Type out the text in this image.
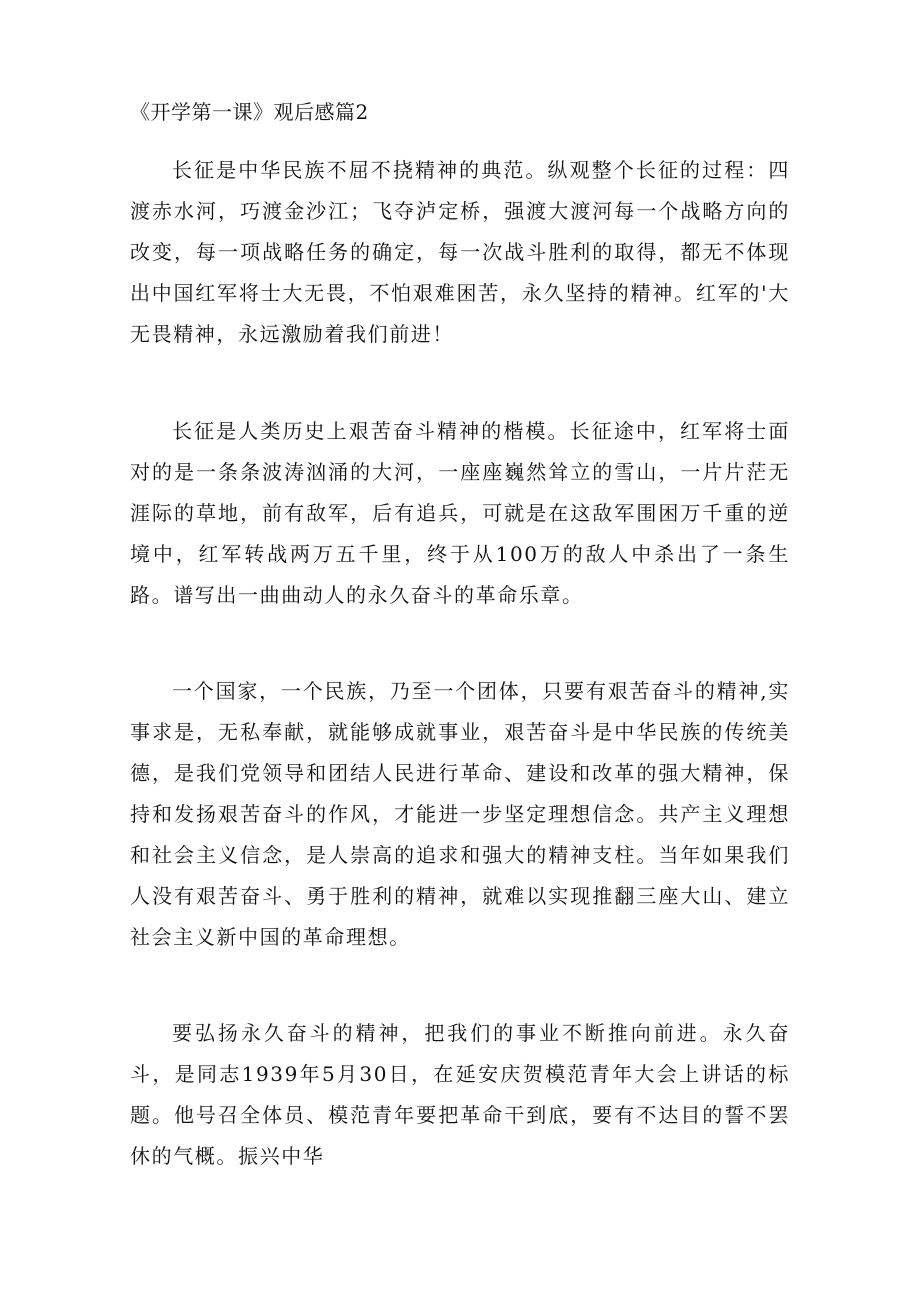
《开学第一课》观后感篇2

长征是中华民族不屈不挠精神的典范。纵观整个长征的过程：四渡赤水河，巧渡金沙江；飞夺泸定桥，强渡大渡河每一个战略方向的改变，每一项战略任务的确定，每一次战斗胜利的取得，都无不体现出中国红军将士大无畏，不怕艰难困苦，永久坚持的精神。红军的'大无畏精神，永远激励着我们前进！

长征是人类历史上艰苦奋斗精神的楷模。长征途中，红军将士面对的是一条条波涛汹涌的大河，一座座巍然耸立的雪山，一片片茫无涯际的草地，前有敌军，后有追兵，可就是在这敌军围困万千重的逆境中，红军转战两万五千里，终于从100万的敌人中杀出了一条生路。谱写出一曲曲动人的永久奋斗的革命乐章。

一个国家，一个民族，乃至一个团体，只要有艰苦奋斗的精神,实事求是，无私奉献，就能够成就事业，艰苦奋斗是中华民族的传统美德，是我们党领导和团结人民进行革命、建设和改革的强大精神，保持和发扬艰苦奋斗的作风，才能进一步坚定理想信念。共产主义理想和社会主义信念，是人崇高的追求和强大的精神支柱。当年如果我们人没有艰苦奋斗、勇于胜利的精神，就难以实现推翻三座大山、建立社会主义新中国的革命理想。

要弘扬永久奋斗的精神，把我们的事业不断推向前进。永久奋斗，是同志1939年5月30日，在延安庆贺模范青年大会上讲话的标题。他号召全体员、模范青年要把革命干到底，要有不达目的誓不罢休的气概。振兴中华
